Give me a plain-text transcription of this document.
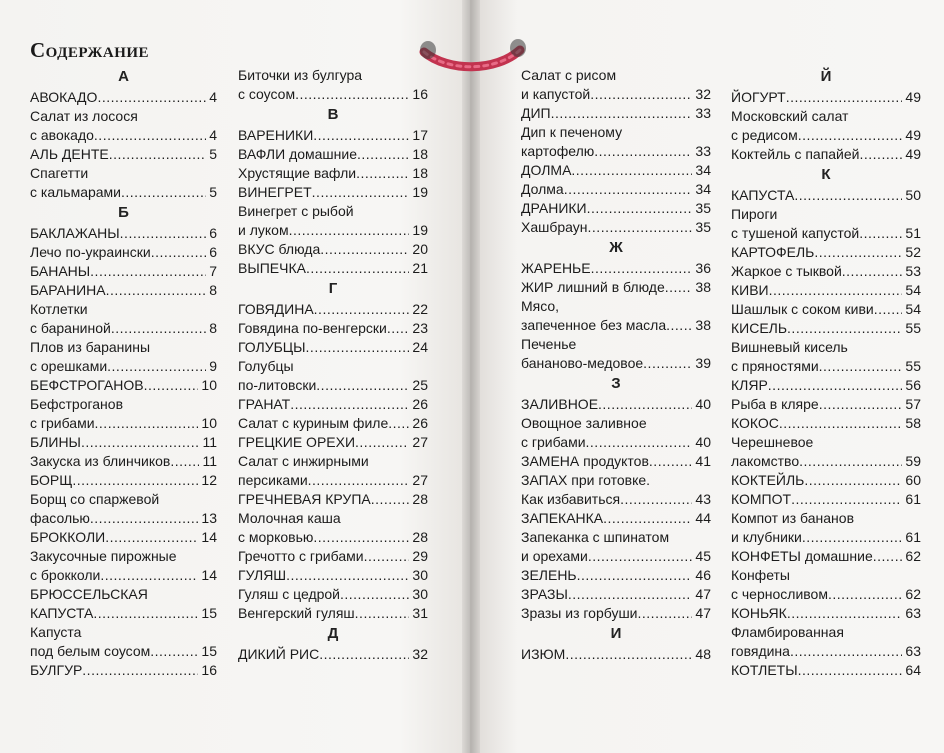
Содержание
А
АВОКАДО .....	4
Салат из лосося
с авокадо .....	4
АЛЬ ДЕНТЕ .....	5
Спагетти
с кальмарами .....	5
Б
БАКЛАЖАНЫ .....	6
Лечо по-украински .....	6
БАНАНЫ .....	7
БАРАНИНА .....	8
Котлетки
с бараниной .....	8
Плов из баранины
с орешками .....	9
БЕФСТРОГАНОВ .....	10
Бефстроганов
с грибами .....	10
БЛИНЫ .....	11
Закуска из блинчиков ..... 11
БОРЩ .....	12
Борщ со спаржевой
фасолью .....	13
БРОККОЛИ .....	14
Закусочные пирожные
с брокколи .....	14
БРЮССЕЛЬСКАЯ
КАПУСТА .....	15
Капуста
под белым соусом .....	15
БУЛГУР .....	16
Биточки из булгура
с соусом .....	16
В
ВАРЕНИКИ .....	17
ВАФЛИ домашние .....	18
Хрустящие вафли .....	18
ВИНЕГРЕТ .....	19
Винегрет с рыбой
и луком .....	19
ВКУС блюда .....	20
ВЫПЕЧКА .....	21
Г
ГОВЯДИНА .....	22
Говядина по-венгерски ..... 23
ГОЛУБЦЫ .....	24
Голубцы
по-литовски .....	25
ГРАНАТ .....	26
Салат с куриным филе ..... 26
ГРЕЦКИЕ ОРЕХИ .....	27
Салат с инжирными
персиками .....	27
ГРЕЧНЕВАЯ КРУПА .....	28
Молочная каша
с морковью .....	28
Гречотто с грибами .....	29
ГУЛЯШ .....	30
Гуляш с цедрой .....	30
Венгерский гуляш .....	31
Д
ДИКИЙ РИС .....	32
Салат с рисом
и капустой .....	32
ДИП .....	33
Дип к печеному
картофелю .....	33
ДОЛМА .....	34
Долма .....	34
ДРАНИКИ .....	35
Хашбраун .....	35
Ж
ЖАРЕНЬЕ .....	36
ЖИР лишний в блюде ..... 38
Мясо,
запеченное без масла ..... 38
Печенье
бананово-медовое .....	39
З
ЗАЛИВНОЕ .....	40
Овощное заливное
с грибами .....	40
ЗАМЕНА продуктов .....	41
ЗАПАХ при готовке.
Как избавиться .....	43
ЗАПЕКАНКА .....	44
Запеканка с шпинатом
и орехами .....	45
ЗЕЛЕНЬ .....	46
ЗРАЗЫ .....	47
Зразы из горбуши .....	47
И
ИЗЮМ .....	48
Й
ЙОГУРТ .....	49
Московский салат
с редисом .....	49
Коктейль с папайей .....	49
К
КАПУСТА .....	50
Пироги
с тушеной капустой .....	51
КАРТОФЕЛЬ .....	52
Жаркое с тыквой .....	53
КИВИ .....	54
Шашлык с соком киви ..... 54
КИСЕЛЬ .....	55
Вишневый кисель
с пряностями .....	55
КЛЯР .....	56
Рыба в кляре .....	57
КОКОС .....	58
Черешневое
лакомство .....	59
КОКТЕЙЛЬ .....	60
КОМПОТ .....	61
Компот из бананов
и клубники .....	61
КОНФЕТЫ домашние ..... 62
Конфеты
с черносливом .....	62
КОНЬЯК .....	63
Фламбированная
говядина .....	63
КОТЛЕТЫ .....	64
